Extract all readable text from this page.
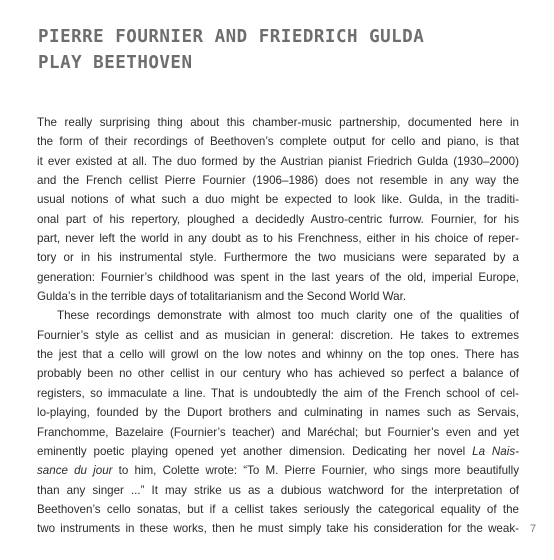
PIERRE FOURNIER AND FRIEDRICH GULDA
PLAY BEETHOVEN
The really surprising thing about this chamber-music partnership, documented here in
the form of their recordings of Beethoven’s complete output for cello and piano, is that
it ever existed at all. The duo formed by the Austrian pianist Friedrich Gulda (1930–2000)
and the French cellist Pierre Fournier (1906–1986) does not resemble in any way the
usual notions of what such a duo might be expected to look like. Gulda, in the traditi-
onal part of his repertory, ploughed a decidedly Austro-centric furrow. Fournier, for his
part, never left the world in any doubt as to his Frenchness, either in his choice of reper-
tory or in his instrumental style. Furthermore the two musicians were separated by a
generation: Fournier’s childhood was spent in the last years of the old, imperial Europe,
Gulda’s in the terrible days of totalitarianism and the Second World War.
These recordings demonstrate with almost too much clarity one of the qualities of
Fournier’s style as cellist and as musician in general: discretion. He takes to extremes
the jest that a cello will growl on the low notes and whinny on the top ones. There has
probably been no other cellist in our century who has achieved so perfect a balance of
registers, so immaculate a line. That is undoubtedly the aim of the French school of cel-
lo-playing, founded by the Duport brothers and culminating in names such as Servais,
Franchomme, Bazelaire (Fournier’s teacher) and Maréchal; but Fournier’s even and yet
eminently poetic playing opened yet another dimension. Dedicating her novel La Nais-
sance du jour to him, Colette wrote: “To M. Pierre Fournier, who sings more beautifully
than any singer ...” It may strike us as a dubious watchword for the interpretation of
Beethoven’s cello sonatas, but if a cellist takes seriously the categorical equality of the
two instruments in these works, then he must simply take his consideration for the weak- 7
